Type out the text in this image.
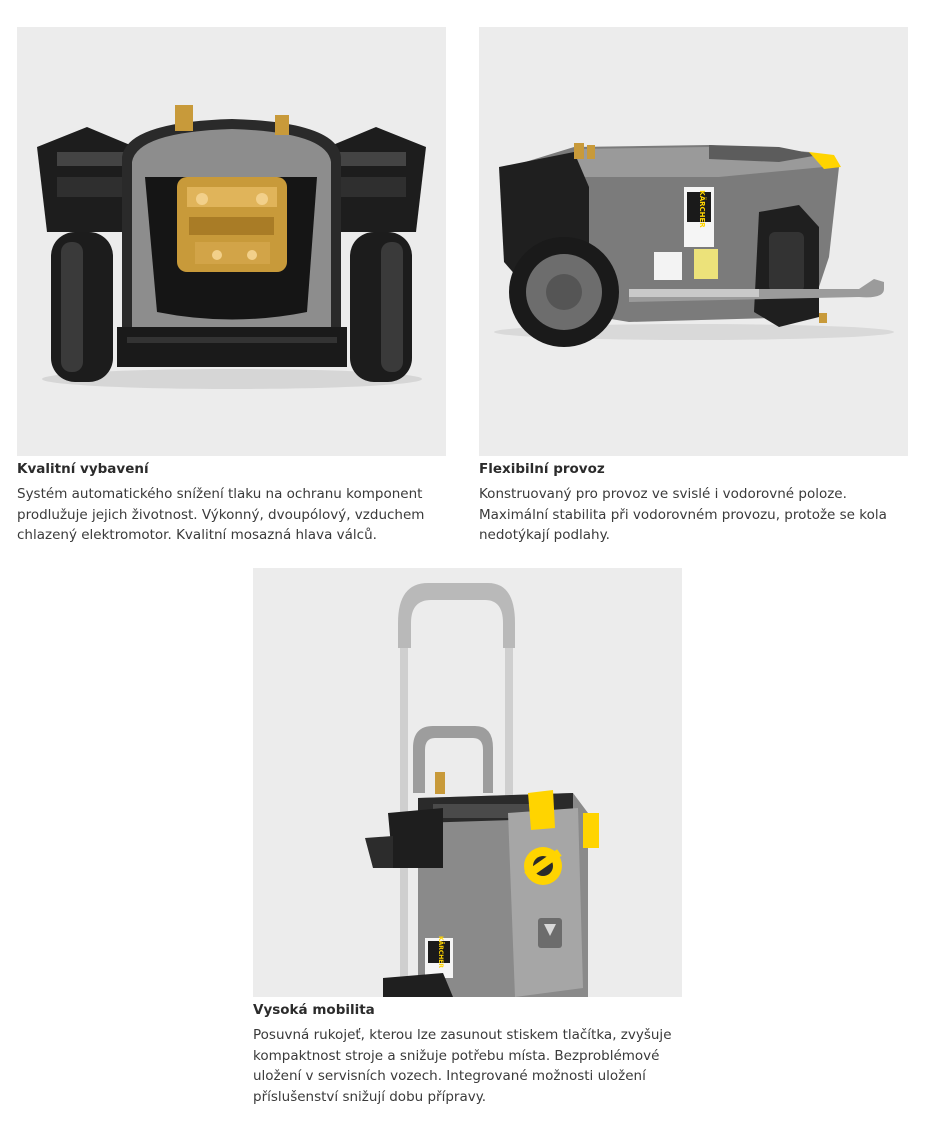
Kvalitní vybavení

Systém automatického snížení tlaku na ochranu komponent prodlužuje jejich životnost. Výkonný, dvoupólový, vzduchem chlazený elektromotor. Kvalitní mosazná hlava válců.

KÄRCHER
Flexibilní provoz

Konstruovaný pro provoz ve svislé i vodorovné poloze. Maximální stabilita při vodorovném provozu, protože se kola nedotýkají podlahy.

KÄRCHER
Vysoká mobilita

Posuvná rukojeť, kterou lze zasunout stiskem tlačítka, zvyšuje kompaktnost stroje a snižuje potřebu místa. Bezproblémové uložení v servisních vozech. Integrované možnosti uložení příslušenství snižují dobu přípravy.
